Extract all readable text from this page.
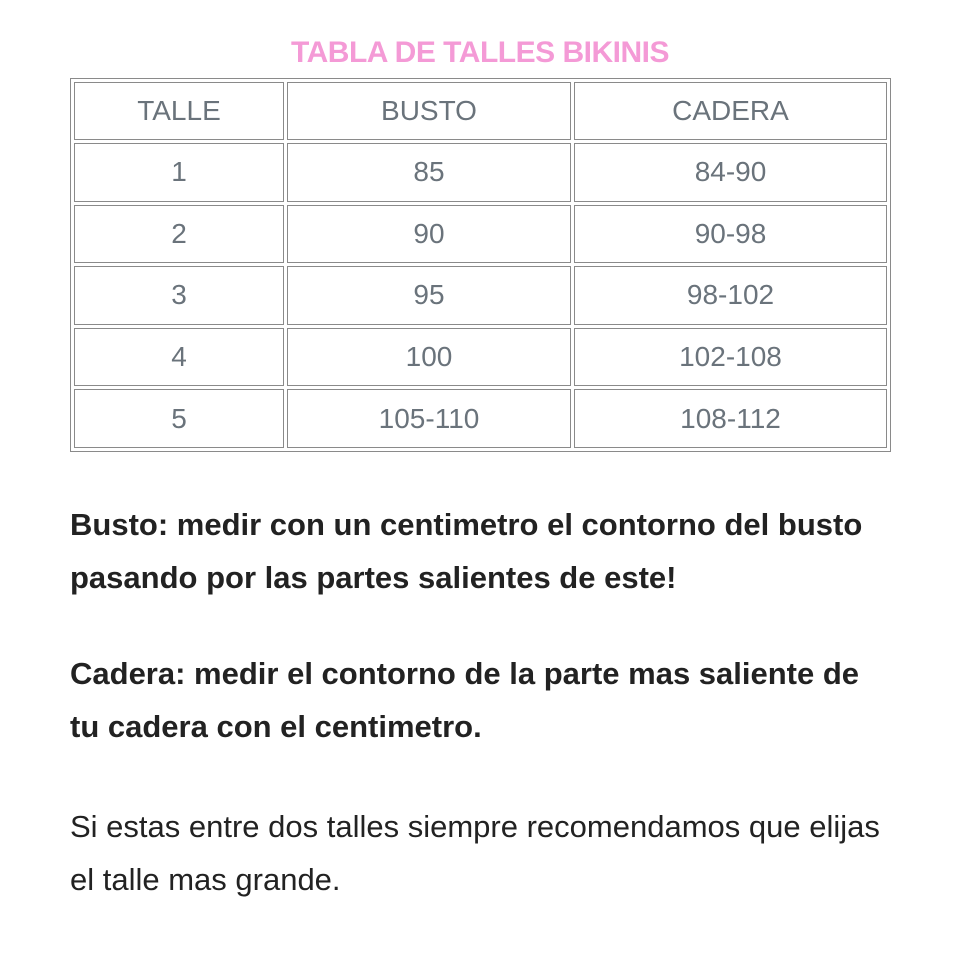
TABLA DE TALLES BIKINIS
TALLE	BUSTO	CADERA
1	85	84-90
2	90	90-98
3	95	98-102
4	100	102-108
5	105-110	108-112

Busto: medir con un centimetro el contorno del busto pasando por las partes salientes de este!

Cadera: medir el contorno de la parte mas saliente de tu cadera con el centimetro.

Si estas entre dos talles siempre recomendamos que elijas el talle mas grande.
